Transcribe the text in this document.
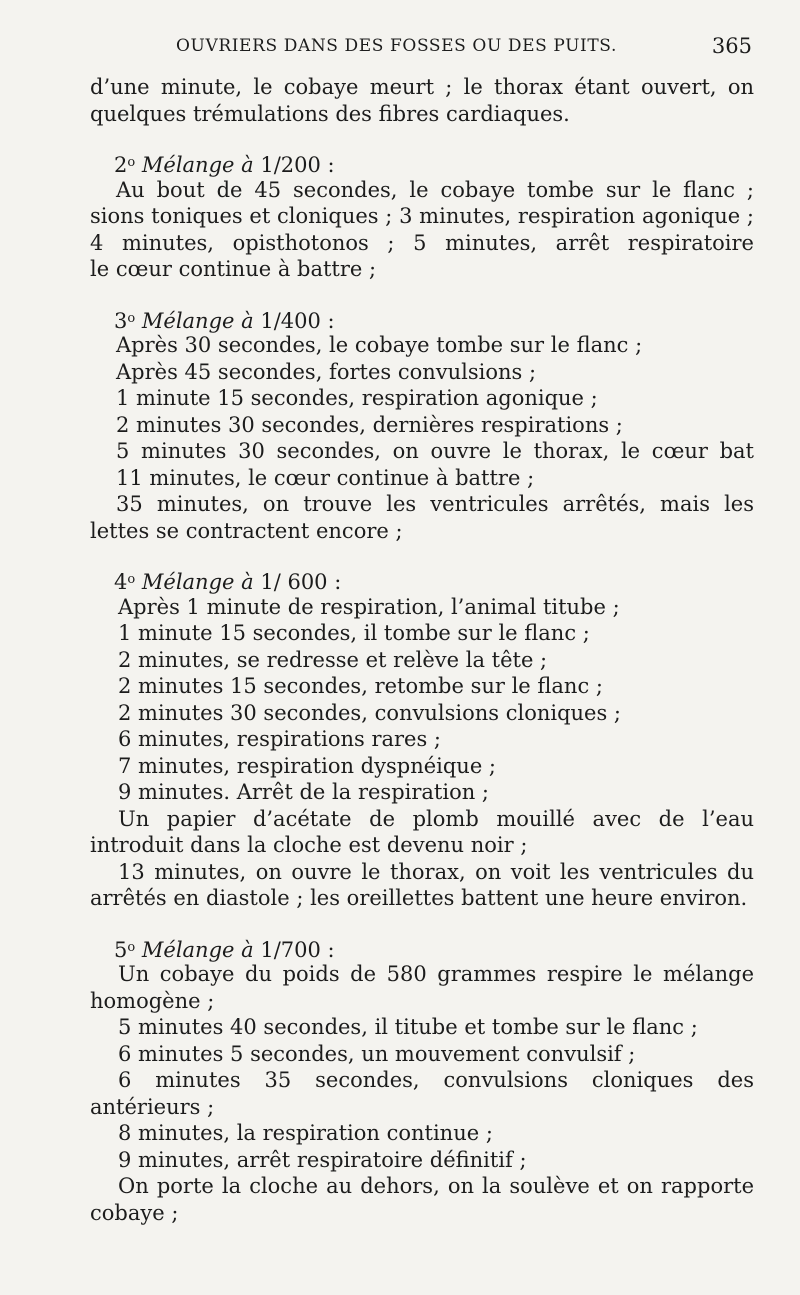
OUVRIERS DANS DES FOSSES OU DES PUITS.	365
d’une minute, le cobaye meurt ; le thorax étant ouvert, on
quelques trémulations des fibres cardiaques.
2$^o$ Mélange à 1/200 :
Au bout de 45 secondes, le cobaye tombe sur le flanc ;
sions toniques et cloniques ; 3 minutes, respiration agonique ;
4 minutes, opisthotonos ; 5 minutes, arrêt respiratoire
le cœur continue à battre ;
3$^o$ Mélange à 1/400 :
Après 30 secondes, le cobaye tombe sur le flanc ;
Après 45 secondes, fortes convulsions ;
1 minute 15 secondes, respiration agonique ;
2 minutes 30 secondes, dernières respirations ;
5 minutes 30 secondes, on ouvre le thorax, le cœur bat
11 minutes, le cœur continue à battre ;
35 minutes, on trouve les ventricules arrêtés, mais les
lettes se contractent encore ;
4$^o$ Mélange à 1/ 600 :
Après 1 minute de respiration, l’animal titube ;
1 minute 15 secondes, il tombe sur le flanc ;
2 minutes, se redresse et relève la tête ;
2 minutes 15 secondes, retombe sur le flanc ;
2 minutes 30 secondes, convulsions cloniques ;
6 minutes, respirations rares ;
7 minutes, respiration dyspnéique ;
9 minutes. Arrêt de la respiration ;
Un papier d’acétate de plomb mouillé avec de l’eau
introduit dans la cloche est devenu noir ;
13 minutes, on ouvre le thorax, on voit les ventricules du
arrêtés en diastole ; les oreillettes battent une heure environ.
5$^o$ Mélange à 1/700 :
Un cobaye du poids de 580 grammes respire le mélange
homogène ;
5 minutes 40 secondes, il titube et tombe sur le flanc ;
6 minutes 5 secondes, un mouvement convulsif ;
6 minutes 35 secondes, convulsions cloniques des
antérieurs ;
8 minutes, la respiration continue ;
9 minutes, arrêt respiratoire définitif ;
On porte la cloche au dehors, on la soulève et on rapporte
cobaye ;
